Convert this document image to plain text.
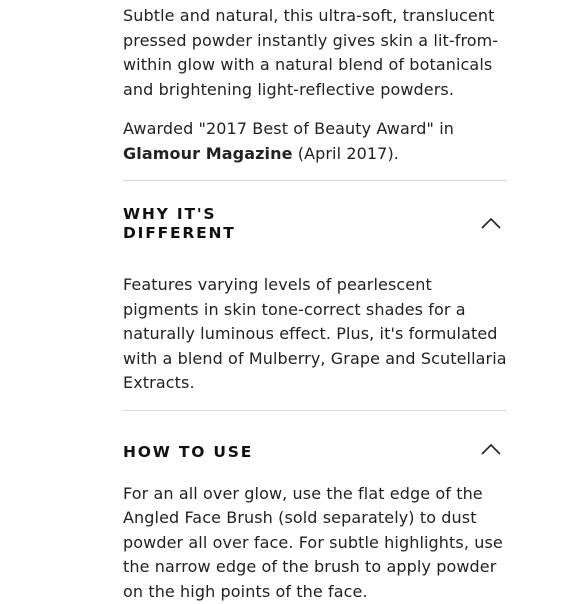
Subtle and natural, this ultra-soft, translucent pressed powder instantly gives skin a lit-from-within glow with a natural blend of botanicals and brightening light-reflective powders.

Awarded "2017 Best of Beauty Award" in Glamour Magazine (April 2017).

WHY IT'S
DIFFERENT

Features varying levels of pearlescent pigments in skin tone-correct shades for a naturally luminous effect. Plus, it's formulated with a blend of Mulberry, Grape and Scutellaria Extracts.

HOW TO USE

For an all over glow, use the flat edge of the Angled Face Brush (sold separately) to dust powder all over face. For subtle highlights, use the narrow edge of the brush to apply powder on the high points of the face.
